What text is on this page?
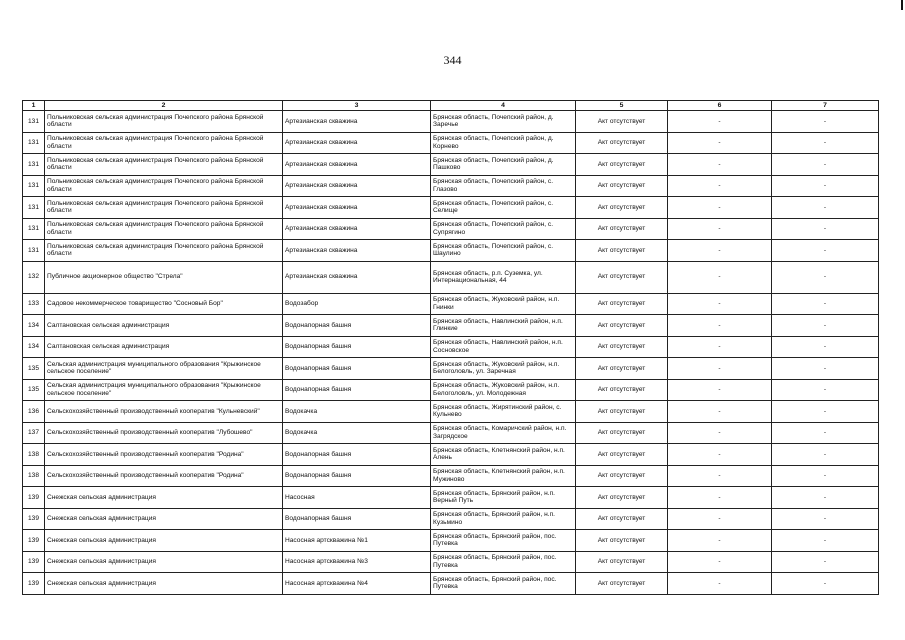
344
1	2	3	4	5	6	7
131	Польниковская сельская администрация Почепского района Брянской области	Артезианская скважина	Брянская область, Почепский район, д. Заречье	Акт отсутствует	-	-
131	Польниковская сельская администрация Почепского района Брянской области	Артезианская скважина	Брянская область, Почепский район, д. Корнево	Акт отсутствует	-	-
131	Польниковская сельская администрация Почепского района Брянской области	Артезианская скважина	Брянская область, Почепский район, д. Пашково	Акт отсутствует	-	-
131	Польниковская сельская администрация Почепского района Брянской области	Артезианская скважина	Брянская область, Почепский район, с. Глазово	Акт отсутствует	-	-
131	Польниковская сельская администрация Почепского района Брянской области	Артезианская скважина	Брянская область, Почепский район, с. Селище	Акт отсутствует	-	-
131	Польниковская сельская администрация Почепского района Брянской области	Артезианская скважина	Брянская область, Почепский район, с. Супрягино	Акт отсутствует	-	-
131	Польниковская сельская администрация Почепского района Брянской области	Артезианская скважина	Брянская область, Почепский район, с. Шаулино	Акт отсутствует	-	-
132	Публичное акционерное общество "Стрела"	Артезианская скважина	Брянская область, р.п. Суземка, ул. Интернациональная, 44	Акт отсутствует	-	-
133	Садовое некоммерческое товарищество "Сосновый Бор"	Водозабор	Брянская область, Жуковский район, н.п. Гнинки	Акт отсутствует	-	-
134	Салтановская сельская администрация	Водонапорная башня	Брянская область, Навлинский район, н.п. Глинкие	Акт отсутствует	-	-
134	Салтановская сельская администрация	Водонапорная башня	Брянская область, Навлинский район, н.п. Сосновское	Акт отсутствует	-	-
135	Сельская администрация муниципального образования "Крыжинское сельское поселение"	Водонапорная башня	Брянская область, Жуковский район, н.п. Белоголовль, ул. Заречная	Акт отсутствует	-	-
135	Сельская администрация муниципального образования "Крыжинское сельское поселение"	Водонапорная башня	Брянская область, Жуковский район, н.п. Белоголовль, ул. Молодежная	Акт отсутствует	-	-
136	Сельскохозяйственный производственный кооператив "Кульневский"	Водокачка	Брянская область, Жирятинский район, с. Кульнево	Акт отсутствует	-	-
137	Сельскохозяйственный производственный кооператив "Лубошево"	Водокачка	Брянская область, Комаричский район, н.п. Загрядское	Акт отсутствует	-	-
138	Сельскохозяйственный производственный кооператив "Родина"	Водонапорная башня	Брянская область, Клетнянский район, н.п. Алень	Акт отсутствует	-	-
138	Сельскохозяйственный производственный кооператив "Родина"	Водонапорная башня	Брянская область, Клетнянский район, н.п. Мужиново	Акт отсутствует	-	-
139	Снежская сельская администрация	Насосная	Брянская область, Брянский район, н.п. Верный Путь	Акт отсутствует	-	-
139	Снежская сельская администрация	Водонапорная башня	Брянская область, Брянский район, н.п. Кузьмино	Акт отсутствует	-	-
139	Снежская сельская администрация	Насосная артскважина №1	Брянская область, Брянский район, пос. Путевка	Акт отсутствует	-	-
139	Снежская сельская администрация	Насосная артскважина №3	Брянская область, Брянский район, пос. Путевка	Акт отсутствует	-	-
139	Снежская сельская администрация	Насосная артскважина №4	Брянская область, Брянский район, пос. Путевка	Акт отсутствует	-	-
